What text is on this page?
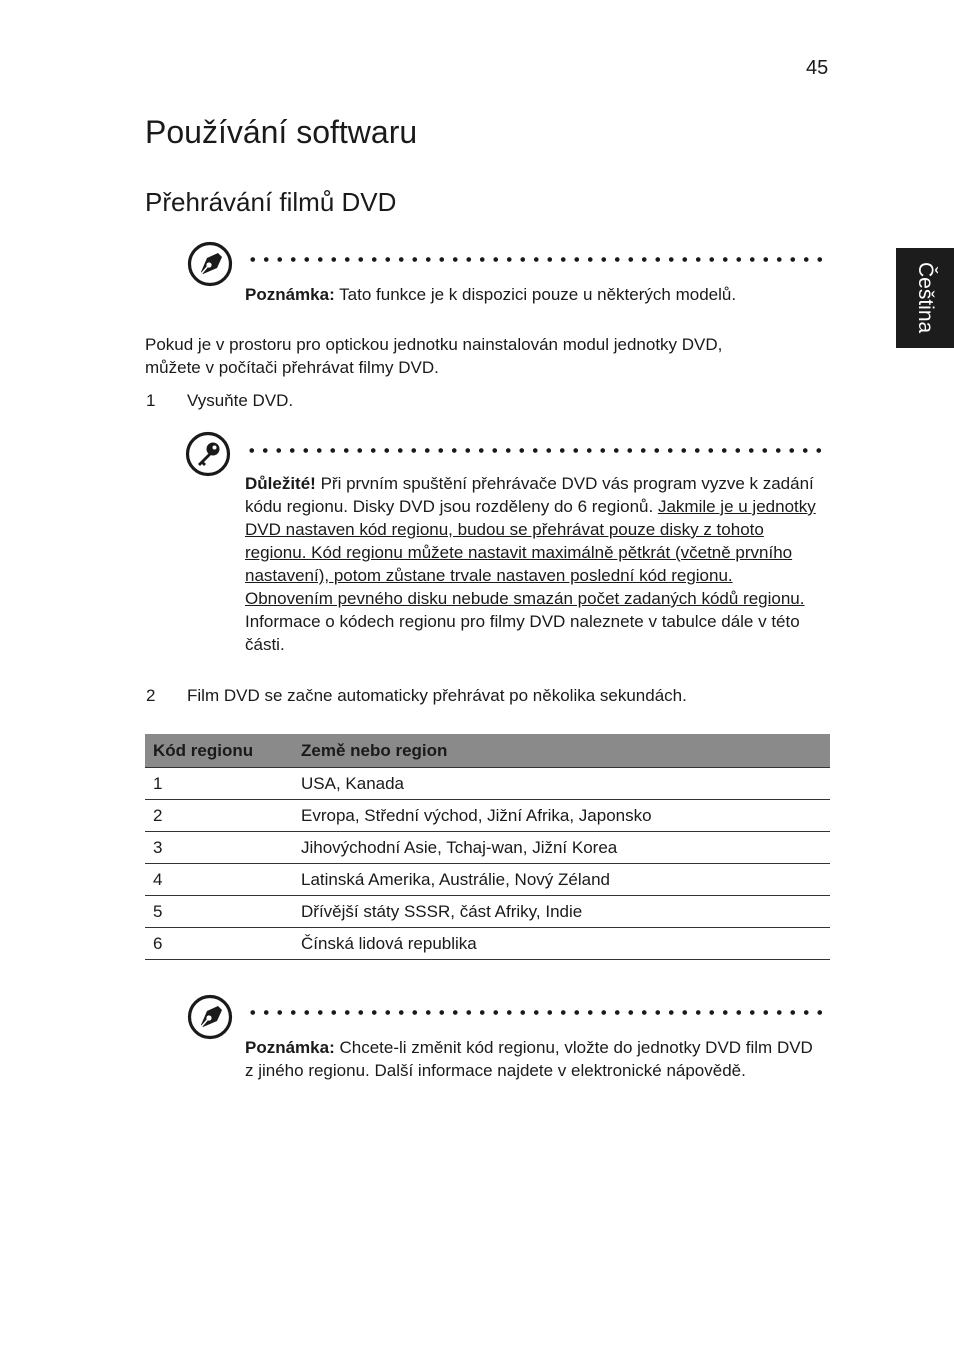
45
Čeština
Používání softwaru
Přehrávání filmů DVD
Poznámka: Tato funkce je k dispozici pouze u některých modelů.
Pokud je v prostoru pro optickou jednotku nainstalován modul jednotky DVD,
můžete v počítači přehrávat filmy DVD.
1 Vysuňte DVD.
Důležité! Při prvním spuštění přehrávače DVD vás program vyzve k zadání kódu regionu. Disky DVD jsou rozděleny do 6 regionů. Jakmile je u jednotky DVD nastaven kód regionu, budou se přehrávat pouze disky z tohoto regionu. Kód regionu můžete nastavit maximálně pětkrát (včetně prvního nastavení), potom zůstane trvale nastaven poslední kód regionu. Obnovením pevného disku nebude smazán počet zadaných kódů regionu. Informace o kódech regionu pro filmy DVD naleznete v tabulce dále v této části.
2 Film DVD se začne automaticky přehrávat po několika sekundách.
Kód regionu	Země nebo region
1	USA, Kanada
2	Evropa, Střední východ, Jižní Afrika, Japonsko
3	Jihovýchodní Asie, Tchaj-wan, Jižní Korea
4	Latinská Amerika, Austrálie, Nový Zéland
5	Dřívější státy SSSR, část Afriky, Indie
6	Čínská lidová republika
Poznámka: Chcete-li změnit kód regionu, vložte do jednotky DVD film DVD z jiného regionu. Další informace najdete v elektronické nápovědě.
